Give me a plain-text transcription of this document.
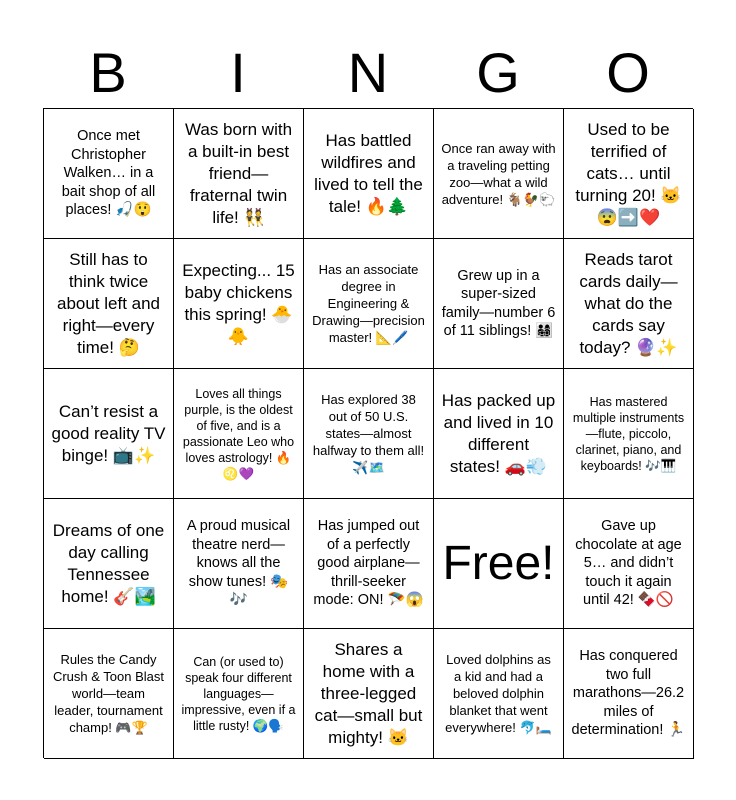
B	I	N	G	O
Once met Christopher Walken… in a bait shop of all places! 🎣😲
Was born with a built-in best friend—fraternal twin life! 👯
Has battled wildfires and lived to tell the tale! 🔥🌲
Once ran away with a traveling petting zoo—what a wild adventure! 🐐🐓🐑
Used to be terrified of cats… until turning 20! 🐱😨➡️❤️
Still has to think twice about left and right—every time! 🤔
Expecting... 15 baby chickens this spring! 🐣🐥
Has an associate degree in Engineering & Drawing—precision master! 📐🖊️
Grew up in a super-sized family—number 6 of 11 siblings! 👨‍👩‍👧‍👦
Reads tarot cards daily—what do the cards say today? 🔮✨
Can’t resist a good reality TV binge! 📺✨
Loves all things purple, is the oldest of five, and is a passionate Leo who loves astrology! 🔥♌💜
Has explored 38 out of 50 U.S. states—almost halfway to them all! ✈️🗺️
Has packed up and lived in 10 different states! 🚗💨
Has mastered multiple instruments—flute, piccolo, clarinet, piano, and keyboards! 🎶🎹
Dreams of one day calling Tennessee home! 🎸🏞️
A proud musical theatre nerd—knows all the show tunes! 🎭🎶
Has jumped out of a perfectly good airplane—thrill-seeker mode: ON! 🪂😱
Free!
Gave up chocolate at age 5… and didn’t touch it again until 42! 🍫🚫
Rules the Candy Crush & Toon Blast world—team leader, tournament champ! 🎮🏆
Can (or used to) speak four different languages—impressive, even if a little rusty! 🌍🗣️
Shares a home with a three-legged cat—small but mighty! 🐱
Loved dolphins as a kid and had a beloved dolphin blanket that went everywhere! 🐬🛏️
Has conquered two full marathons—26.2 miles of determination! 🏃
